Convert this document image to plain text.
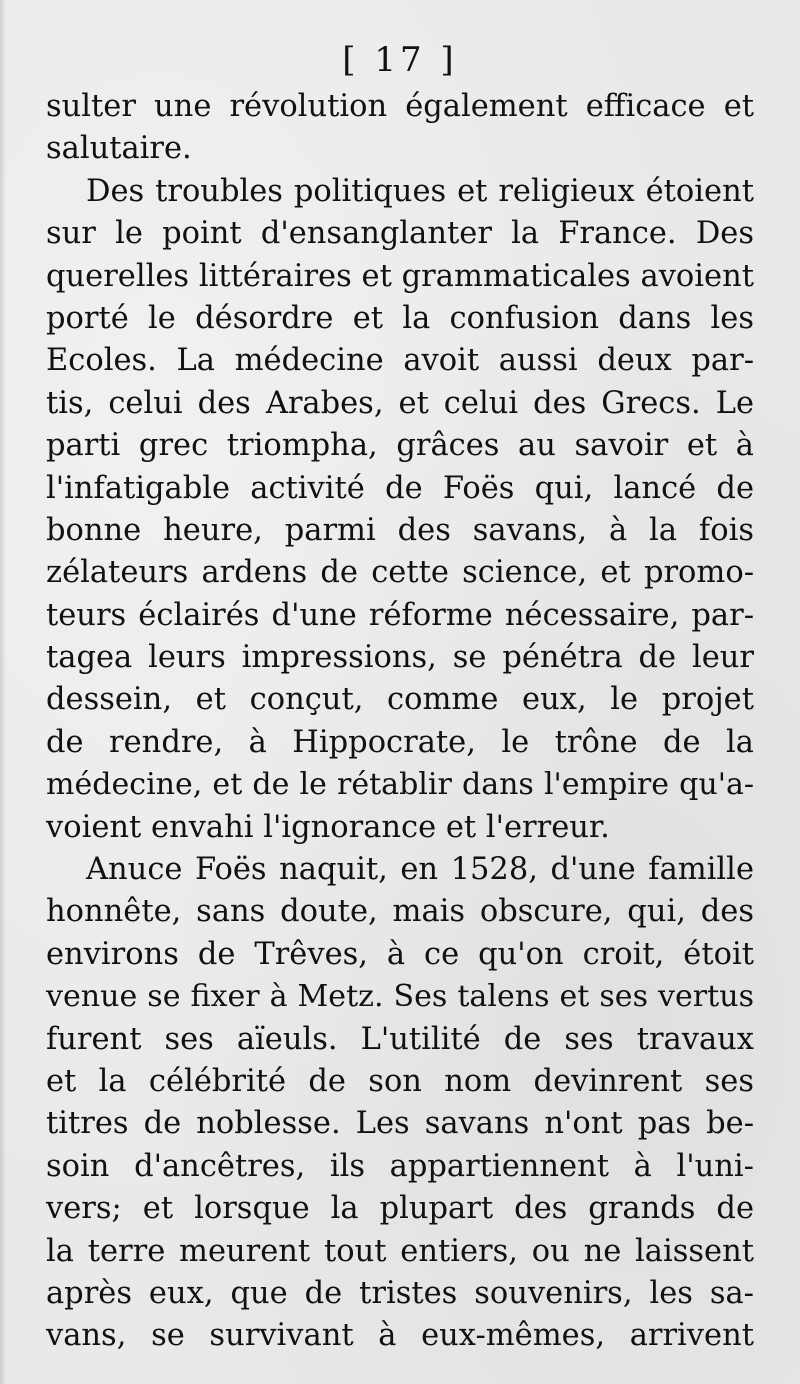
[ 17 ]
sulter une révolution également efficace et
salutaire.
Des troubles politiques et religieux étoient
sur le point d'ensanglanter la France. Des
querelles littéraires et grammaticales avoient
porté le désordre et la confusion dans les
Ecoles. La médecine avoit aussi deux par-
tis, celui des Arabes, et celui des Grecs. Le
parti grec triompha, grâces au savoir et à
l'infatigable activité de Foës qui, lancé de
bonne heure, parmi des savans, à la fois
zélateurs ardens de cette science, et promo-
teurs éclairés d'une réforme nécessaire, par-
tagea leurs impressions, se pénétra de leur
dessein, et conçut, comme eux, le projet
de rendre, à Hippocrate, le trône de la
médecine, et de le rétablir dans l'empire qu'a-
voient envahi l'ignorance et l'erreur.
Anuce Foës naquit, en 1528, d'une famille
honnête, sans doute, mais obscure, qui, des
environs de Trêves, à ce qu'on croit, étoit
venue se fixer à Metz. Ses talens et ses vertus
furent ses aïeuls. L'utilité de ses travaux
et la célébrité de son nom devinrent ses
titres de noblesse. Les savans n'ont pas be-
soin d'ancêtres, ils appartiennent à l'uni-
vers; et lorsque la plupart des grands de
la terre meurent tout entiers, ou ne laissent
après eux, que de tristes souvenirs, les sa-
vans, se survivant à eux-mêmes, arrivent
